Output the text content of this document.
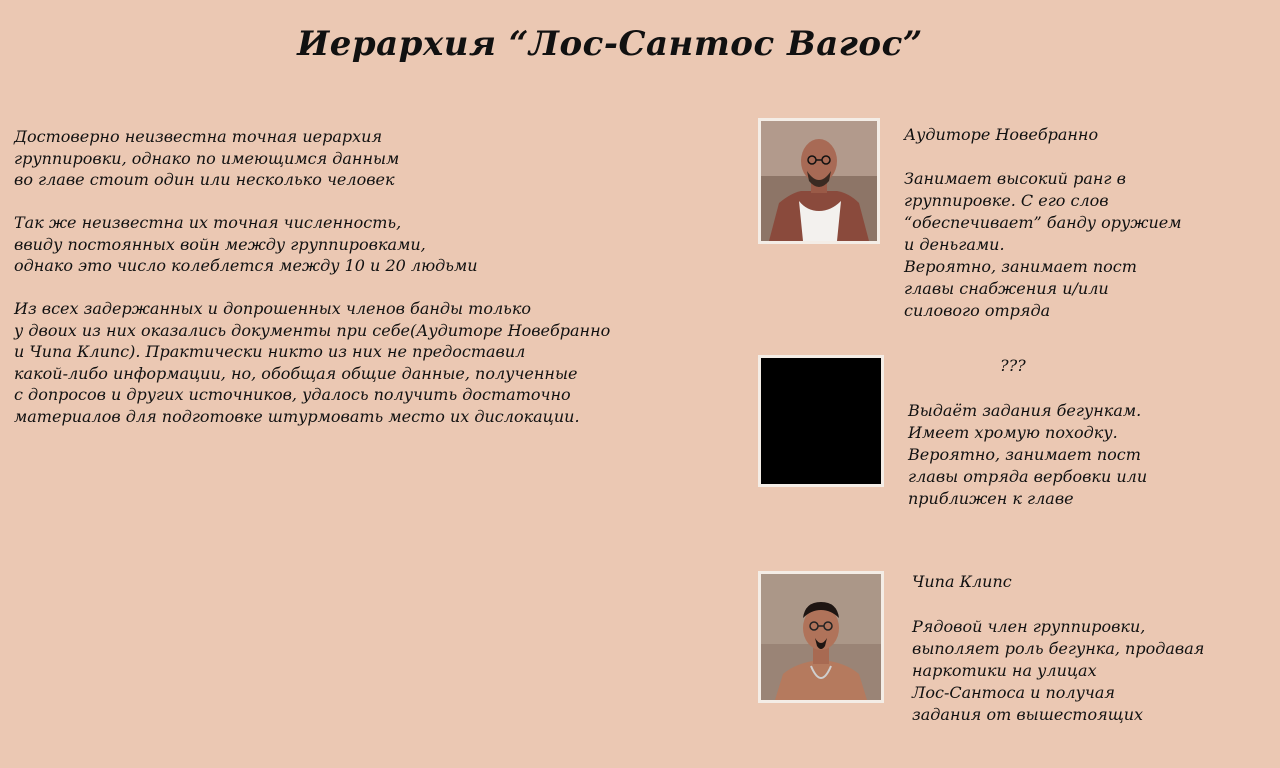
Иерархия “Лос-Сантос Вагос”

Достоверно неизвестна точная иерархия
группировки, однако по имеющимся данным
во главе стоит один или несколько человек

Так же неизвестна их точная численность,
ввиду постоянных войн между группировками,
однако это число колеблется между 10 и 20 людьми

Из всех задержанных и допрошенных членов банды только
у двоих из них оказались документы при себе(Аудиторе Новебранно
и Чипа Клипс). Практически никто из них не предоставил
какой-либо информации, но, обобщая общие данные, полученные
с допросов и других источников, удалось получить достаточно
материалов для подготовке штурмовать место их дислокации.

Аудиторе Новебранно
Занимает высокий ранг в
группировке. С его слов
“обеспечивает” банду оружием
и деньгами.
Вероятно, занимает пост
главы снабжения и/или
силового отряда
???
Выдаёт задания бегункам.
Имеет хромую походку.
Вероятно, занимает пост
главы отряда вербовки или
приближен к главе
Чипа Клипс
Рядовой член группировки,
выполяет роль бегунка, продавая
наркотики на улицах
Лос-Сантоса и получая
задания от вышестоящих
